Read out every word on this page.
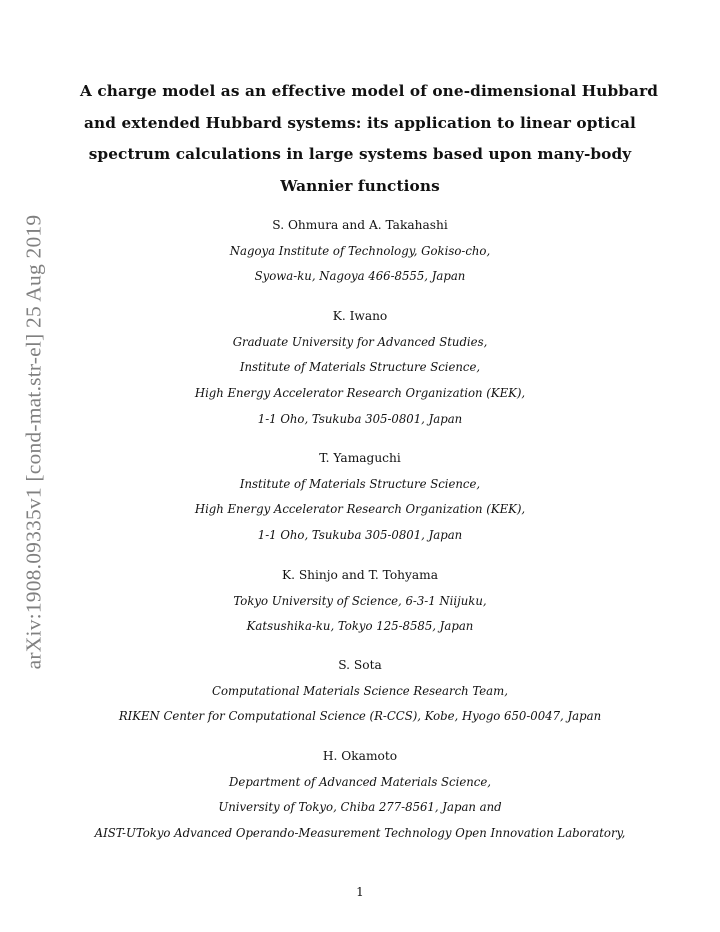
arXiv:1908.09335v1 [cond-mat.str-el] 25 Aug 2019
A charge model as an effective model of one-dimensional Hubbard
and extended Hubbard systems: its application to linear optical
spectrum calculations in large systems based upon many-body
Wannier functions
S. Ohmura and A. Takahashi
Nagoya Institute of Technology, Gokiso-cho,
Syowa-ku, Nagoya 466-8555, Japan
K. Iwano
Graduate University for Advanced Studies,
Institute of Materials Structure Science,
High Energy Accelerator Research Organization (KEK),
1-1 Oho, Tsukuba 305-0801, Japan
T. Yamaguchi
Institute of Materials Structure Science,
High Energy Accelerator Research Organization (KEK),
1-1 Oho, Tsukuba 305-0801, Japan
K. Shinjo and T. Tohyama
Tokyo University of Science, 6-3-1 Niijuku,
Katsushika-ku, Tokyo 125-8585, Japan
S. Sota
Computational Materials Science Research Team,
RIKEN Center for Computational Science (R-CCS), Kobe, Hyogo 650-0047, Japan
H. Okamoto
Department of Advanced Materials Science,
University of Tokyo, Chiba 277-8561, Japan and
AIST-UTokyo Advanced Operando-Measurement Technology Open Innovation Laboratory,
1
